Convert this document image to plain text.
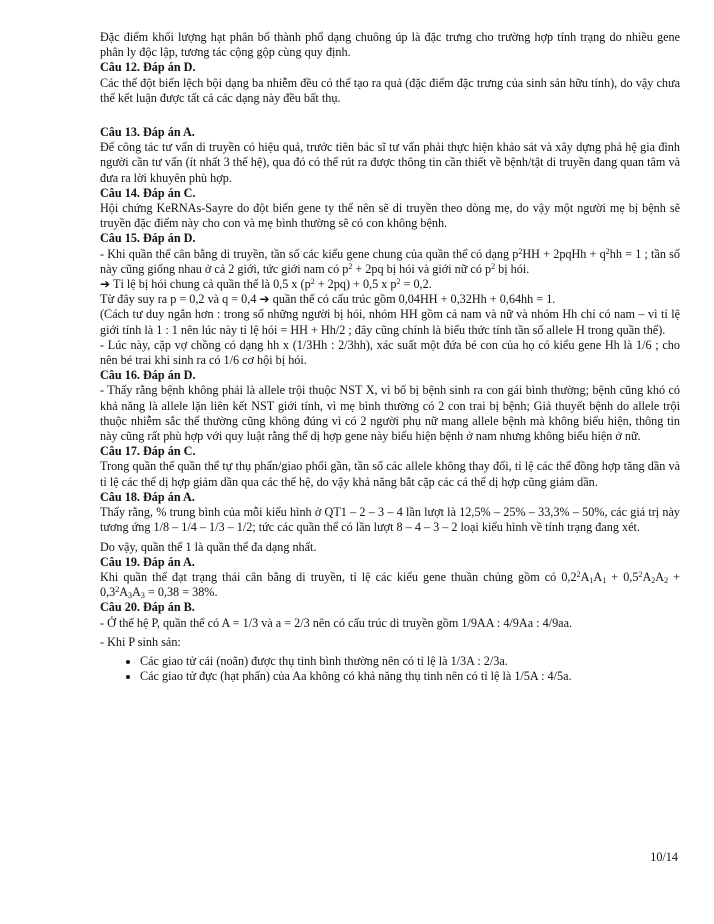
Đặc điểm khối lượng hạt phân bố thành phổ dạng chuông úp là đặc trưng cho trường hợp tính trạng do nhiều gene phân ly độc lập, tương tác cộng gộp cùng quy định.

Câu 12. Đáp án D.

Các thể đột biến lệch bội dạng ba nhiễm đều có thể tạo ra quả (đặc điểm đặc trưng của sinh sản hữu tính), do vậy chưa thể kết luận được tất cả các dạng này đều bất thụ.

Câu 13. Đáp án A.

Để công tác tư vấn di truyền có hiệu quả, trước tiên bác sĩ tư vấn phải thực hiện khảo sát và xây dựng phả hệ gia đình người cần tư vấn (ít nhất 3 thế hệ), qua đó có thể rút ra được thông tin cần thiết về bệnh/tật di truyền đang quan tâm và đưa ra lời khuyên phù hợp.

Câu 14. Đáp án C.

Hội chứng KeRNAs-Sayre do đột biến gene ty thể nên sẽ di truyền theo dòng mẹ, do vậy một người mẹ bị bệnh sẽ truyền đặc điểm này cho con và mẹ bình thường sẽ có con không bệnh.

Câu 15. Đáp án D.

- Khi quần thể cân bằng di truyền, tần số các kiểu gene chung của quần thể có dạng $p^2HH$ + 2pqHh + $q^2hh = 1$ ; tần số này cũng giống nhau ở cả 2 giới, tức giới nam có $p^2 + 2pq$ bị hói và giới nữ có $p^2$ bị hói.

➔ Tỉ lệ bị hói chung cả quần thể là 0,5 x $(p^2 + 2pq) + 0,5$ x $p^2 = 0,2$.

Từ đây suy ra p = 0,2 và q = 0,4 ➔ quần thể có cấu trúc gồm 0,04HH + 0,32Hh + 0,64hh = 1.

(Cách tư duy ngắn hơn : trong số những người bị hói, nhóm HH gồm cả nam và nữ và nhóm Hh chỉ có nam – vì tỉ lệ giới tính là 1 : 1 nên lúc này tỉ lệ hói = HH + Hh/2 ; đây cũng chính là biểu thức tính tần số allele H trong quần thể).

- Lúc này, cặp vợ chồng có dạng hh x (1/3Hh : 2/3hh), xác suất một đứa bé con của họ có kiểu gene Hh là 1/6 ; cho nên bé trai khi sinh ra có 1/6 cơ hội bị hói.

Câu 16. Đáp án D.

- Thấy rằng bệnh không phải là allele trội thuộc NST X, vì bố bị bệnh sinh ra con gái bình thường; bệnh cũng khó có khả năng là allele lặn liên kết NST giới tính, vì mẹ bình thường có 2 con trai bị bệnh; Giả thuyết bệnh do allele trội thuộc nhiễm sắc thể thường cũng không đúng vì có 2 người phụ nữ mang allele bệnh mà không biểu hiện, thông tin này cũng rất phù hợp với quy luật rằng thể dị hợp gene này biểu hiện bệnh ở nam nhưng không biểu hiện ở nữ.

Câu 17. Đáp án C.

Trong quần thể quần thể tự thụ phấn/giao phối gần, tần số các allele không thay đổi, tỉ lệ các thể đồng hợp tăng dần và tỉ lệ các thể dị hợp giảm dần qua các thế hệ, do vậy khả năng bắt cặp các cá thể dị hợp cũng giảm dần.

Câu 18. Đáp án A.

Thấy rằng, % trung bình của mỗi kiểu hình ở QT1 – 2 – 3 – 4 lần lượt là 12,5% – 25% – 33,3% – 50%, các giá trị này tương ứng 1/8 – 1/4 – 1/3 – 1/2; tức các quần thể có lần lượt 8 – 4 – 3 – 2 loại kiểu hình về tính trạng đang xét.

Do vậy, quần thể 1 là quần thể đa dạng nhất.

Câu 19. Đáp án A.

Khi quần thể đạt trạng thái cân bằng di truyền, tỉ lệ các kiểu gene thuần chủng gồm có $0,2^2A_1A_1 + 0,5^2A_2A_2 + 0,3^2A_3A_3 = 0,38 = 38\%$.

Câu 20. Đáp án B.

- Ở thế hệ P, quần thể có A = 1/3 và a = 2/3 nên có cấu trúc di truyền gồm 1/9AA : 4/9Aa : 4/9aa.

- Khi P sinh sản:

• Các giao tử cái (noãn) được thụ tinh bình thường nên có tỉ lệ là 1/3A : 2/3a.
• Các giao tử đực (hạt phấn) của Aa không có khả năng thụ tinh nên có tỉ lệ là 1/5A : 4/5a.
10/14
